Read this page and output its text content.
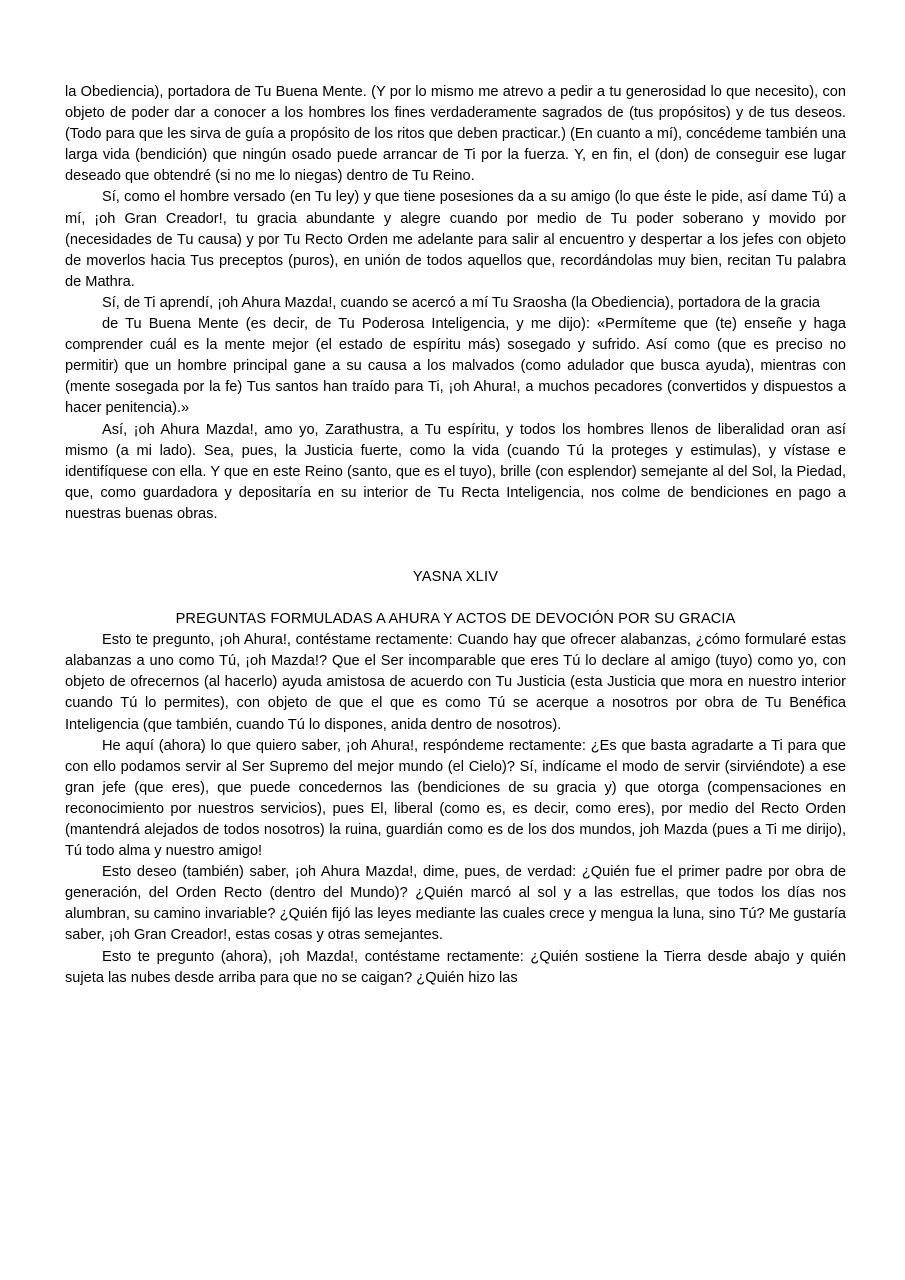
la Obediencia), portadora de Tu Buena Mente. (Y por lo mismo me atrevo a pedir a tu generosidad lo que necesito), con objeto de poder dar a conocer a los hombres los fines verdaderamente sagrados de (tus propósitos) y de tus deseos. (Todo para que les sirva de guía a propósito de los ritos que deben practicar.) (En cuanto a mí), concédeme también una larga vida (bendición) que ningún osado puede arrancar de Ti por la fuerza. Y, en fin, el (don) de conseguir ese lugar deseado que obtendré (si no me lo niegas) dentro de Tu Reino.

Sí, como el hombre versado (en Tu ley) y que tiene posesiones da a su amigo (lo que éste le pide, así dame Tú) a mí, ¡oh Gran Creador!, tu gracia abundante y alegre cuando por medio de Tu poder soberano y movido por (necesidades de Tu causa) y por Tu Recto Orden me adelante para salir al encuentro y despertar a los jefes con objeto de moverlos hacia Tus preceptos (puros), en unión de todos aquellos que, recordándolas muy bien, recitan Tu palabra de Mathra.

Sí, de Ti aprendí, ¡oh Ahura Mazda!, cuando se acercó a mí Tu Sraosha (la Obediencia), portadora de la gracia

de Tu Buena Mente (es decir, de Tu Poderosa Inteligencia, y me dijo): «Permíteme que (te) enseñe y haga comprender cuál es la mente mejor (el estado de espíritu más) sosegado y sufrido. Así como (que es preciso no permitir) que un hombre principal gane a su causa a los malvados (como adulador que busca ayuda), mientras con (mente sosegada por la fe) Tus santos han traído para Ti, ¡oh Ahura!, a muchos pecadores (convertidos y dispuestos a hacer penitencia).»

Así, ¡oh Ahura Mazda!, amo yo, Zarathustra, a Tu espíritu, y todos los hombres llenos de liberalidad oran así mismo (a mi lado). Sea, pues, la Justicia fuerte, como la vida (cuando Tú la proteges y estimulas), y vístase e identifíquese con ella. Y que en este Reino (santo, que es el tuyo), brille (con esplendor) semejante al del Sol, la Piedad, que, como guardadora y depositaría en su interior de Tu Recta Inteligencia, nos colme de bendiciones en pago a nuestras buenas obras.

YASNA XLIV
PREGUNTAS FORMULADAS A AHURA Y ACTOS DE DEVOCIÓN POR SU GRACIA

Esto te pregunto, ¡oh Ahura!, contéstame rectamente: Cuando hay que ofrecer alabanzas, ¿cómo formularé estas alabanzas a uno como Tú, ¡oh Mazda!? Que el Ser incomparable que eres Tú lo declare al amigo (tuyo) como yo, con objeto de ofrecernos (al hacerlo) ayuda amistosa de acuerdo con Tu Justicia (esta Justicia que mora en nuestro interior cuando Tú lo permites), con objeto de que el que es como Tú se acerque a nosotros por obra de Tu Benéfica Inteligencia (que también, cuando Tú lo dispones, anida dentro de nosotros).

He aquí (ahora) lo que quiero saber, ¡oh Ahura!, respóndeme rectamente: ¿Es que basta agradarte a Ti para que con ello podamos servir al Ser Supremo del mejor mundo (el Cielo)? Sí, indícame el modo de servir (sirviéndote) a ese gran jefe (que eres), que puede concedernos las (bendiciones de su gracia y) que otorga (compensaciones en reconocimiento por nuestros servicios), pues El, liberal (como es, es decir, como eres), por medio del Recto Orden (mantendrá alejados de todos nosotros) la ruina, guardián como es de los dos mundos, joh Mazda (pues a Ti me dirijo), Tú todo alma y nuestro amigo!

Esto deseo (también) saber, ¡oh Ahura Mazda!, dime, pues, de verdad: ¿Quién fue el primer padre por obra de generación, del Orden Recto (dentro del Mundo)? ¿Quién marcó al sol y a las estrellas, que todos los días nos alumbran, su camino invariable? ¿Quién fijó las leyes mediante las cuales crece y mengua la luna, sino Tú? Me gustaría saber, ¡oh Gran Creador!, estas cosas y otras semejantes.

Esto te pregunto (ahora), ¡oh Mazda!, contéstame rectamente: ¿Quién sostiene la Tierra desde abajo y quién sujeta las nubes desde arriba para que no se caigan? ¿Quién hizo las
